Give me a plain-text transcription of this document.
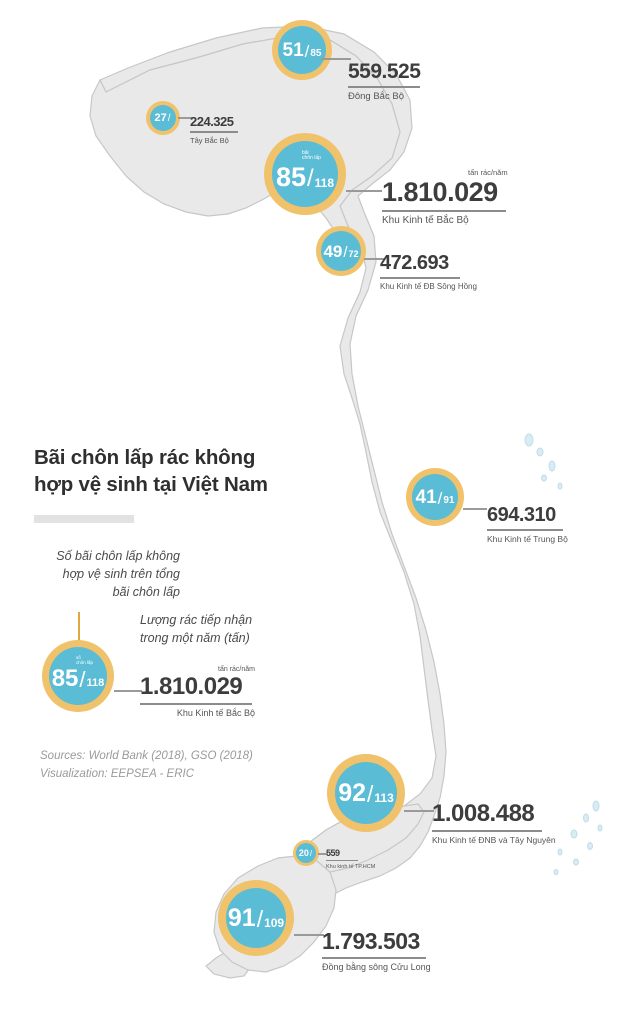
51 / 85
559.525
Đông Bắc Bộ
27 / 224.325
Tây Bắc Bộ
bãi
chôn lấp
85 / 118
tấn rác/năm
1.810.029
Khu Kinh tế Bắc Bộ
49 / 72 472.693
Khu Kinh tế ĐB Sông Hồng
41 / 91
694.310
Khu Kinh tế Trung Bộ
92 / 113
1.008.488
Khu Kinh tế ĐNB và Tây Nguyên
20 / 559
Khu kinh tế TP.HCM
91 / 109
1.793.503
Đồng bằng sông Cửu Long
Bãi chôn lấp rác không
hợp vệ sinh tại Việt Nam
Số bãi chôn lấp không
hợp vệ sinh trên tổng
bãi chôn lấp
Lượng rác tiếp nhận
trong một năm (tấn)
số
chôn lấp
85 / 118
tấn rác/năm
1.810.029
Khu Kinh tế Bắc Bộ
Sources: World Bank (2018), GSO (2018)
Visualization: EEPSEA - ERIC
